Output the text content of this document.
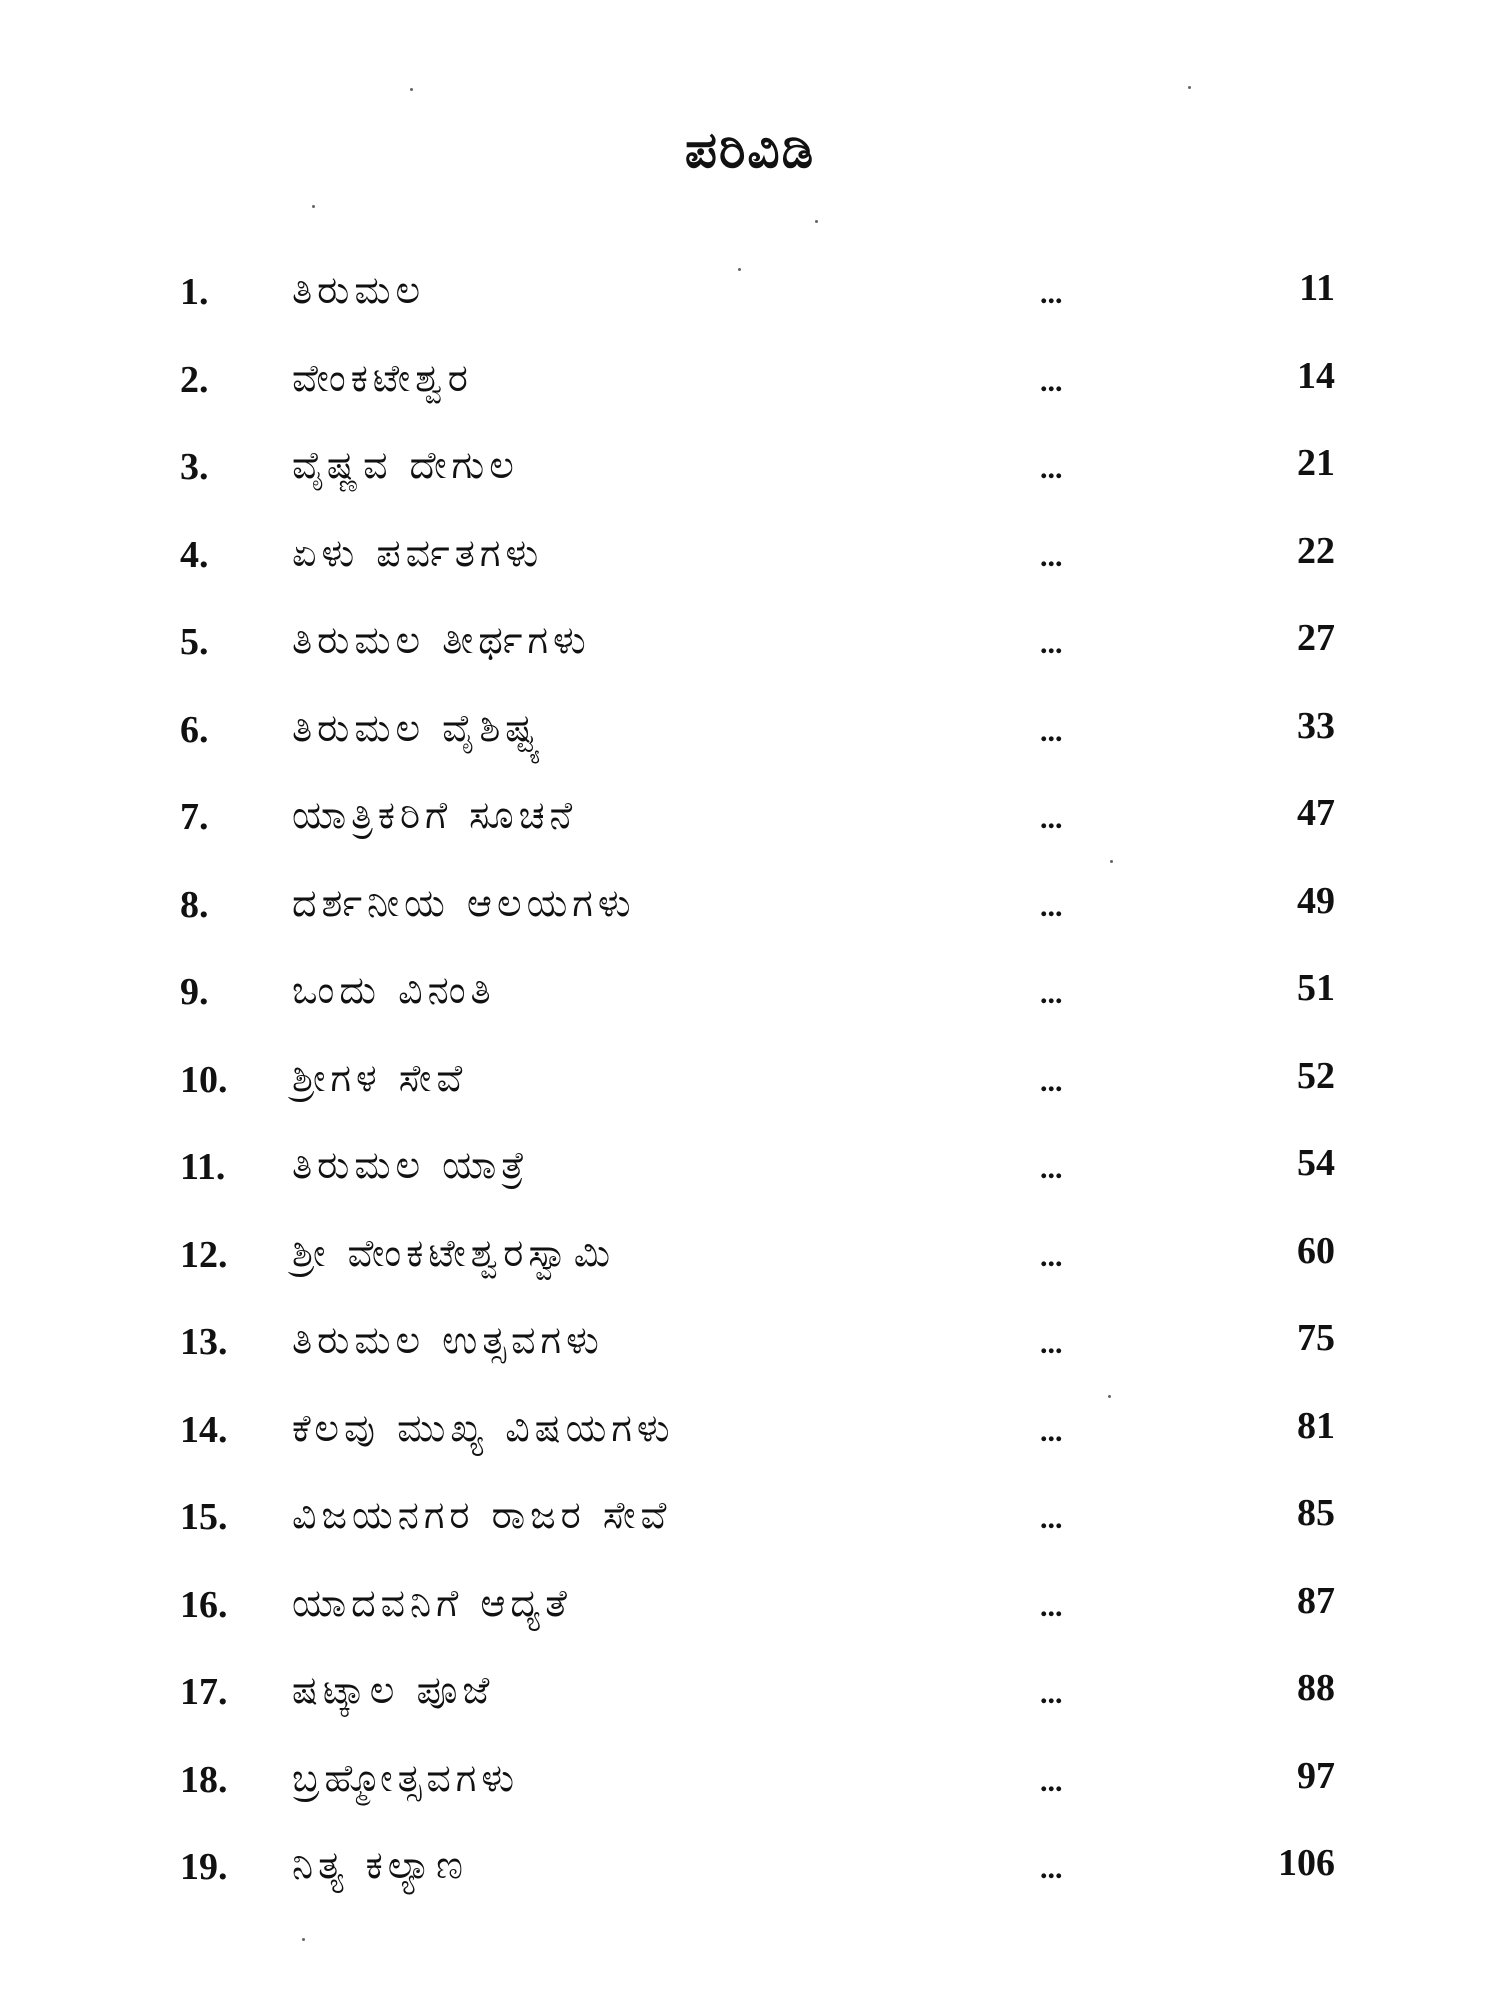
ಪರಿವಿಡಿ
1. ತಿರುಮಲ	...	11
2. ವೇಂಕಟೇಶ್ವರ	...	14
3. ವೈಷ್ಣವ ದೇಗುಲ	...	21
4. ಏಳು ಪರ್ವತಗಳು	...	22
5. ತಿರುಮಲ ತೀರ್ಥಗಳು	...	27
6. ತಿರುಮಲ ವೈಶಿಷ್ಟ್ಯ	...	33
7. ಯಾತ್ರಿಕರಿಗೆ ಸೂಚನೆ	...	47
8. ದರ್ಶನೀಯ ಆಲಯಗಳು	...	49
9. ಒಂದು ವಿನಂತಿ	...	51
10. ಶ್ರೀಗಳ ಸೇವೆ	...	52
11. ತಿರುಮಲ ಯಾತ್ರೆ	...	54
12. ಶ್ರೀ ವೇಂಕಟೇಶ್ವರಸ್ವಾಮಿ	...	60
13. ತಿರುಮಲ ಉತ್ಸವಗಳು	...	75
14. ಕೆಲವು ಮುಖ್ಯ ವಿಷಯಗಳು	...	81
15. ವಿಜಯನಗರ ರಾಜರ ಸೇವೆ	...	85
16. ಯಾದವನಿಗೆ ಆದ್ಯತೆ	...	87
17. ಷಟ್ಕಾಲ ಪೂಜೆ	...	88
18. ಬ್ರಹ್ಮೋತ್ಸವಗಳು	...	97
19. ನಿತ್ಯ ಕಲ್ಯಾಣ	...	106
